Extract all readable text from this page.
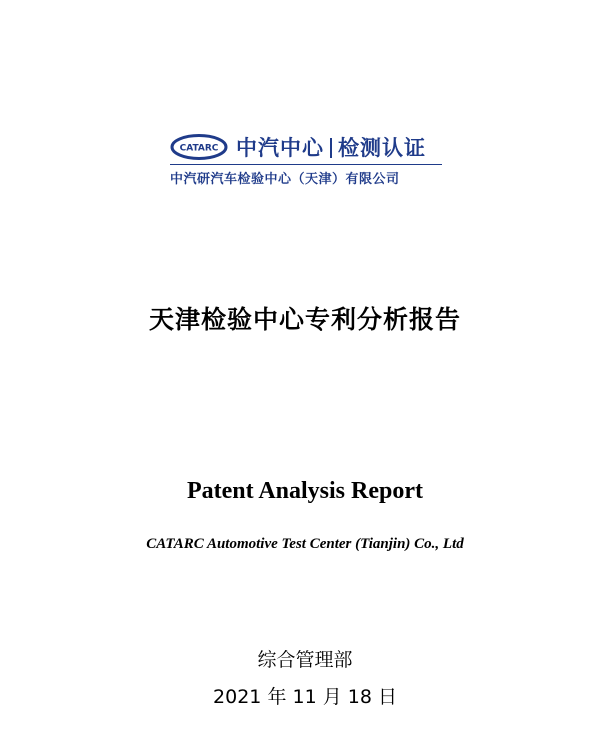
CATARC 中汽中心 检测认证
中汽研汽车检验中心（天津）有限公司
天津检验中心专利分析报告
Patent Analysis Report
CATARC Automotive Test Center (Tianjin) Co., Ltd
综合管理部
2021 年 11 月 18 日
